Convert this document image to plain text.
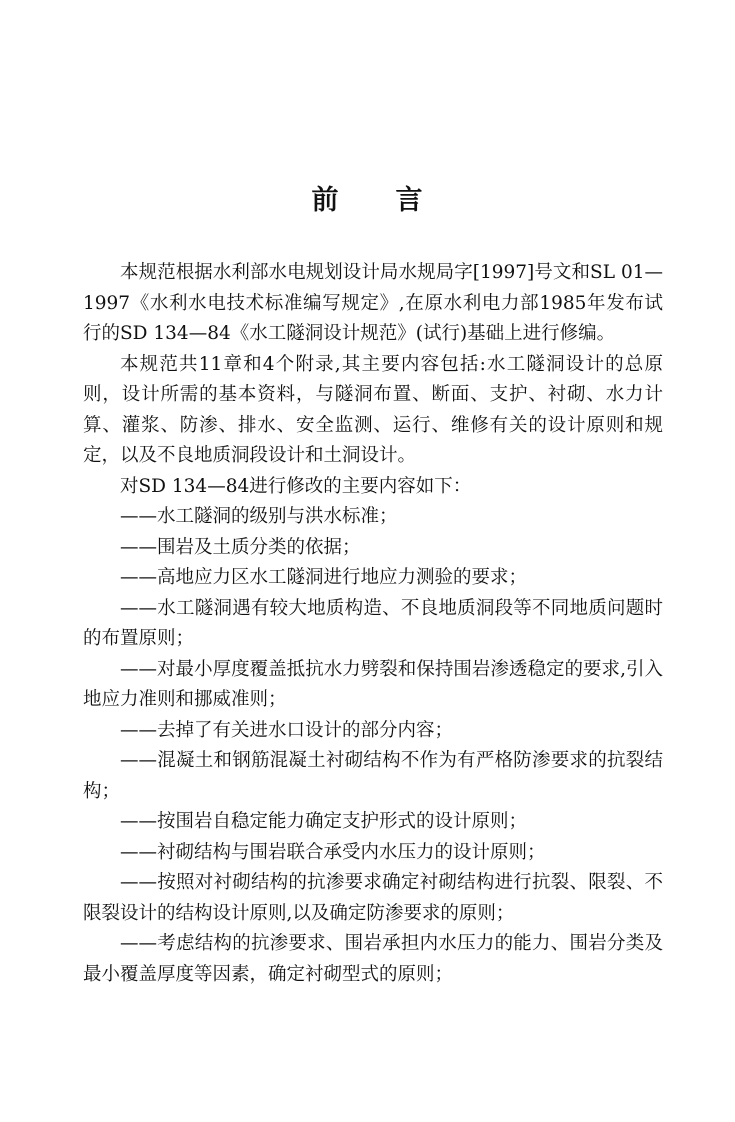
前 言

本规范根据水利部水电规划设计局水规局字[1997]号文和SL 01—1997《水利水电技术标准编写规定》,在原水利电力部1985年发布试行的SD 134—84《水工隧洞设计规范》(试行)基础上进行修编。

本规范共11章和4个附录,其主要内容包括:水工隧洞设计的总原则，设计所需的基本资料，与隧洞布置、断面、支护、衬砌、水力计算、灌浆、防渗、排水、安全监测、运行、维修有关的设计原则和规定，以及不良地质洞段设计和土洞设计。

对SD 134—84进行修改的主要内容如下：

——水工隧洞的级别与洪水标准；

——围岩及土质分类的依据；

——高地应力区水工隧洞进行地应力测验的要求；

——水工隧洞遇有较大地质构造、不良地质洞段等不同地质问题时的布置原则；

——对最小厚度覆盖抵抗水力劈裂和保持围岩渗透稳定的要求,引入地应力准则和挪威准则；

——去掉了有关进水口设计的部分内容；

——混凝土和钢筋混凝土衬砌结构不作为有严格防渗要求的抗裂结构；

——按围岩自稳定能力确定支护形式的设计原则；

——衬砌结构与围岩联合承受内水压力的设计原则；

——按照对衬砌结构的抗渗要求确定衬砌结构进行抗裂、限裂、不限裂设计的结构设计原则,以及确定防渗要求的原则；

——考虑结构的抗渗要求、围岩承担内水压力的能力、围岩分类及最小覆盖厚度等因素，确定衬砌型式的原则；
